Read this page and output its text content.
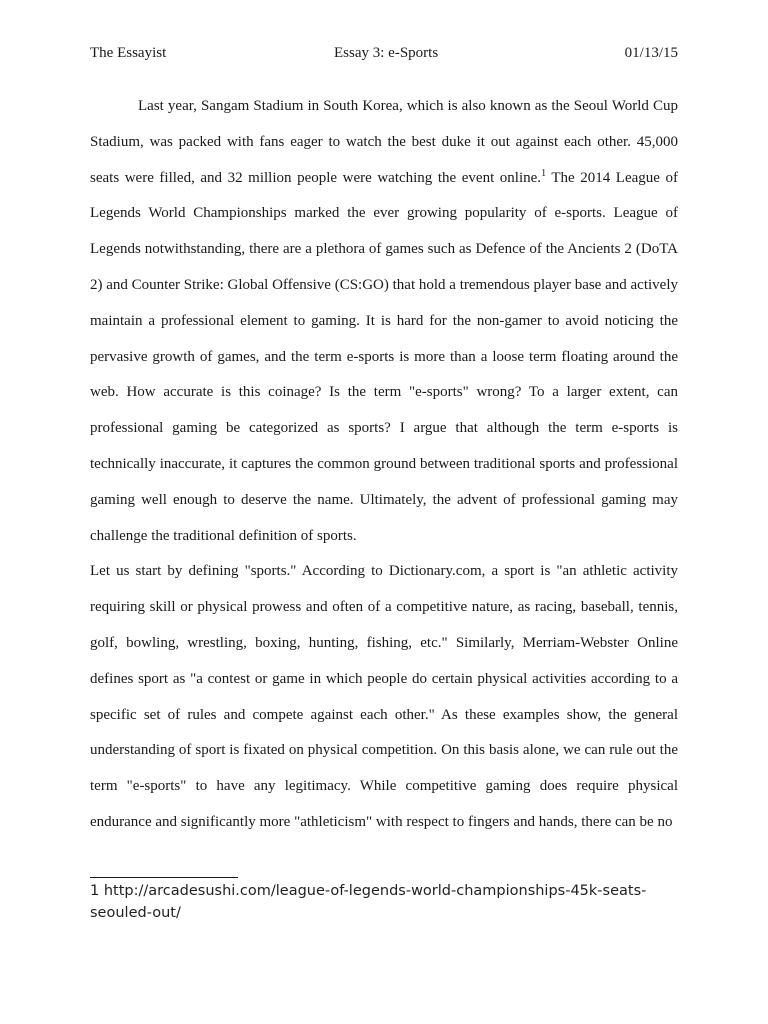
The Essayist	Essay 3: e-Sports	01/13/15

Last year, Sangam Stadium in South Korea, which is also known as the Seoul World Cup Stadium, was packed with fans eager to watch the best duke it out against each other. 45,000 seats were filled, and 32 million people were watching the event online.$^1$ The 2014 League of Legends World Championships marked the ever growing popularity of e-sports. League of Legends notwithstanding, there are a plethora of games such as Defence of the Ancients 2 (DoTA 2) and Counter Strike: Global Offensive (CS:GO) that hold a tremendous player base and actively maintain a professional element to gaming. It is hard for the non-gamer to avoid noticing the pervasive growth of games, and the term e-sports is more than a loose term floating around the web. How accurate is this coinage? Is the term "e-sports" wrong? To a larger extent, can professional gaming be categorized as sports? I argue that although the term e-sports is technically inaccurate, it captures the common ground between traditional sports and professional gaming well enough to deserve the name. Ultimately, the advent of professional gaming may challenge the traditional definition of sports.

Let us start by defining "sports." According to Dictionary.com, a sport is "an athletic activity requiring skill or physical prowess and often of a competitive nature, as racing, baseball, tennis, golf, bowling, wrestling, boxing, hunting, fishing, etc." Similarly, Merriam-Webster Online defines sport as "a contest or game in which people do certain physical activities according to a specific set of rules and compete against each other." As these examples show, the general understanding of sport is fixated on physical competition. On this basis alone, we can rule out the term "e-sports" to have any legitimacy. While competitive gaming does require physical endurance and significantly more "athleticism" with respect to fingers and hands, there can be no

1 http://arcadesushi.com/league-of-legends-world-championships-45k-seats-seouled-out/
